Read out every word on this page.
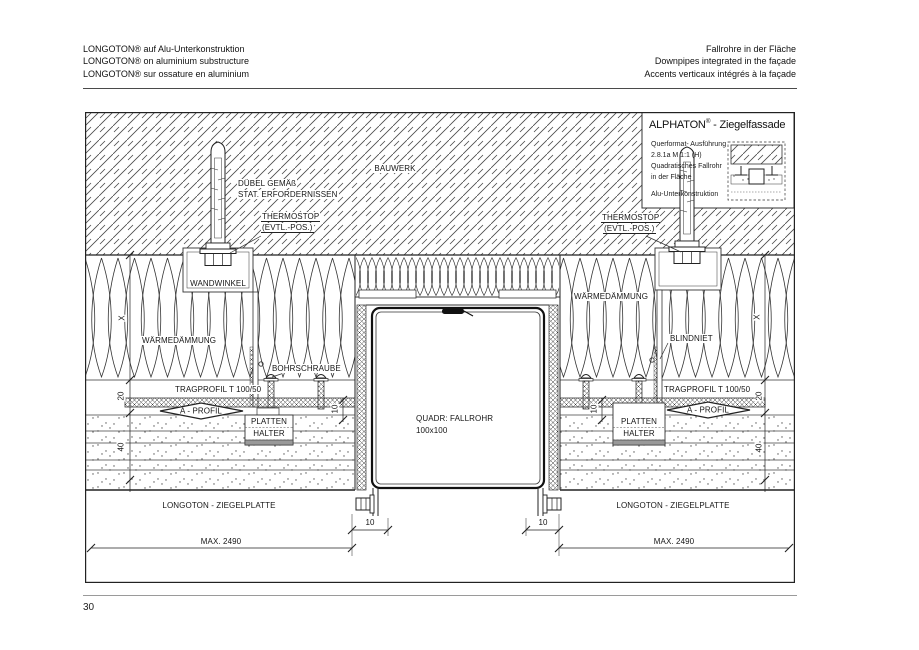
LONGOTON® auf Alu-Unterkonstruktion
LONGOTON® on aluminium substructure
LONGOTON® sur ossature en aluminium
Fallrohre in der Fläche
Downpipes integrated in the façade
Accents verticaux intégrés à la façade
ALPHATON® - Ziegelfassade
Querformat- Ausführung
2.8.1a M 1:1 (H)
Quadratisches Fallrohr
in der Fläche
Alu-Unterkonstruktion
BAUWERK
DÜBEL GEMÄß
STAT. ERFORDERNISSEN
THERMOSTOP
(EVTL.-POS.)
THERMOSTOP
(EVTL.-POS.)
WANDWINKEL
WÄRMEDÄMMUNG
WÄRMEDÄMMUNG
BLINDNIET
BOHRSCHRAUBE
TRAGPROFIL T 100/50	TRAGPROFIL T 100/50
A - PROFIL	A - PROFIL
PLATTEN
HALTER
PLATTEN
HALTER
QUADR: FALLROHR
100x100
LONGOTON - ZIEGELPLATTE	LONGOTON - ZIEGELPLATTE
MAX. 2490	MAX. 2490
X	X
20
40
20
40
10	10
10	10
30
